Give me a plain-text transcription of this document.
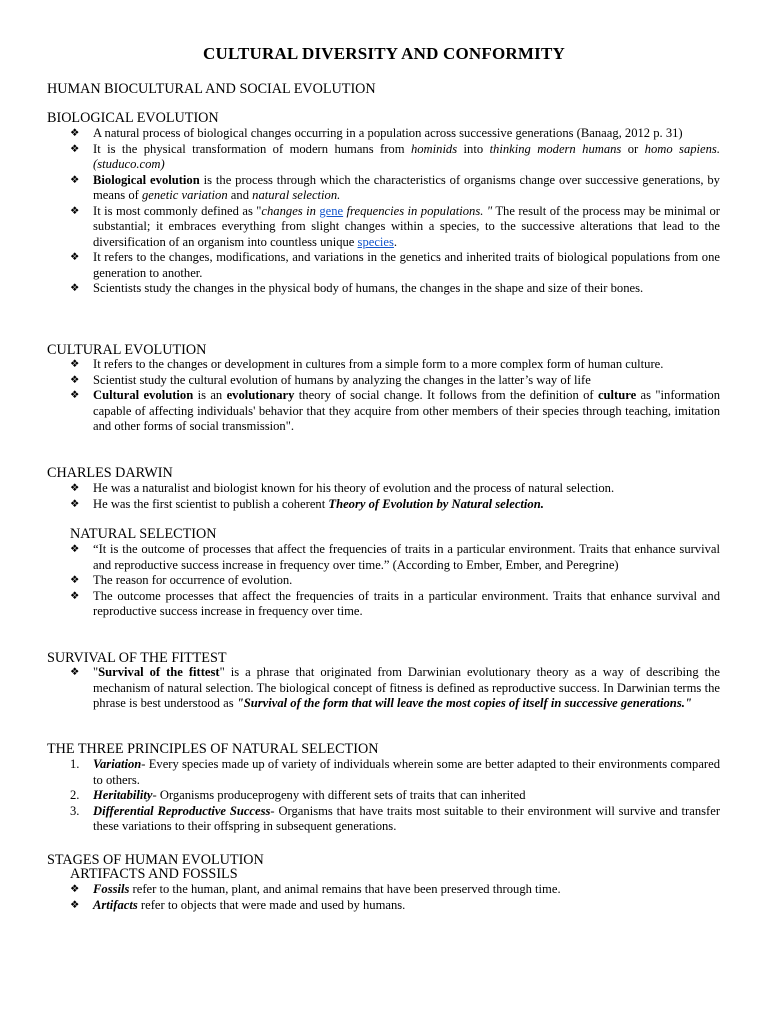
CULTURAL DIVERSITY AND CONFORMITY
HUMAN BIOCULTURAL AND SOCIAL EVOLUTION
BIOLOGICAL EVOLUTION
❖ A natural process of biological changes occurring in a population across successive generations (Banaag, 2012 p. 31)
❖ It is the physical transformation of modern humans from hominids into thinking modern humans or homo sapiens. (studuco.com)
❖ Biological evolution is the process through which the characteristics of organisms change over successive generations, by means of genetic variation and natural selection.
❖ It is most commonly defined as "changes in gene frequencies in populations. " The result of the process may be minimal or substantial; it embraces everything from slight changes within a species, to the successive alterations that lead to the diversification of an organism into countless unique species.
❖ It refers to the changes, modifications, and variations in the genetics and inherited traits of biological populations from one generation to another.
❖ Scientists study the changes in the physical body of humans, the changes in the shape and size of their bones.
CULTURAL EVOLUTION
❖ It refers to the changes or development in cultures from a simple form to a more complex form of human culture.
❖ Scientist study the cultural evolution of humans by analyzing the changes in the latter’s way of life
❖ Cultural evolution is an evolutionary theory of social change. It follows from the definition of culture as "information capable of affecting individuals' behavior that they acquire from other members of their species through teaching, imitation and other forms of social transmission".
CHARLES DARWIN
❖ He was a naturalist and biologist known for his theory of evolution and the process of natural selection.
❖ He was the first scientist to publish a coherent Theory of Evolution by Natural selection.
NATURAL SELECTION
❖ “It is the outcome of processes that affect the frequencies of traits in a particular environment. Traits that enhance survival and reproductive success increase in frequency over time.” (According to Ember, Ember, and Peregrine)
❖ The reason for occurrence of evolution.
❖ The outcome processes that affect the frequencies of traits in a particular environment. Traits that enhance survival and reproductive success increase in frequency over time.
SURVIVAL OF THE FITTEST
❖ "Survival of the fittest" is a phrase that originated from Darwinian evolutionary theory as a way of describing the mechanism of natural selection. The biological concept of fitness is defined as reproductive success. In Darwinian terms the phrase is best understood as "Survival of the form that will leave the most copies of itself in successive generations."
THE THREE PRINCIPLES OF NATURAL SELECTION
1. Variation- Every species made up of variety of individuals wherein some are better adapted to their environments compared to others.
2. Heritability- Organisms produceprogeny with different sets of traits that can inherited
3. Differential Reproductive Success- Organisms that have traits most suitable to their environment will survive and transfer these variations to their offspring in subsequent generations.
STAGES OF HUMAN EVOLUTION
ARTIFACTS AND FOSSILS
❖ Fossils refer to the human, plant, and animal remains that have been preserved through time.
❖ Artifacts refer to objects that were made and used by humans.
